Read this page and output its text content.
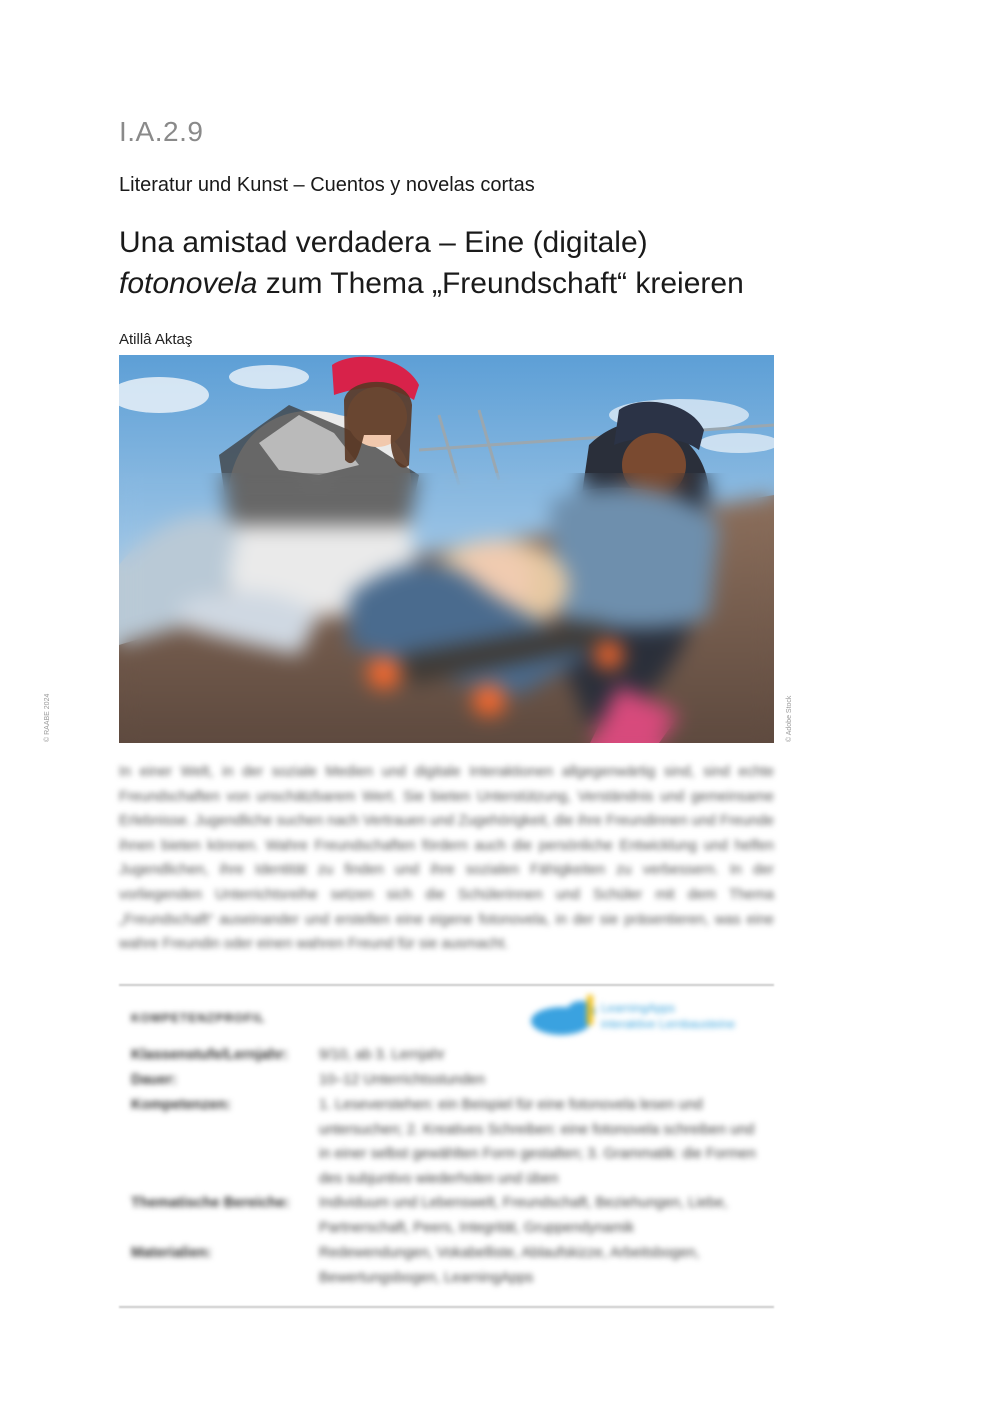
I.A.2.9
Literatur und Kunst – Cuentos y novelas cortas
Una amistad verdadera – Eine (digitale)
fotonovela zum Thema „Freundschaft“ kreieren
Atillâ Aktaş
© RAABE 2024	© Adobe Stock
In einer Welt, in der soziale Medien und digitale Interaktionen allgegenwärtig sind, sind echte Freundschaften von unschätzbarem Wert. Sie bieten Unterstützung, Verständnis und gemeinsame Erlebnisse. Jugendliche suchen nach Vertrauen und Zugehörigkeit, die ihre Freundinnen und Freunde ihnen bieten können. Wahre Freundschaften fördern auch die persönliche Entwicklung und helfen Jugendlichen, ihre Identität zu finden und ihre sozialen Fähigkeiten zu verbessern. In der vorliegenden Unterrichtsreihe setzen sich die Schülerinnen und Schüler mit dem Thema „Freundschaft“ auseinander und erstellen eine eigene fotonovela, in der sie präsentieren, was eine wahre Freundin oder einen wahren Freund für sie ausmacht.
KOMPETENZPROFIL
LearningApps
interaktive Lernbausteine
Klassenstufe/Lernjahr:	9/10, ab 3. Lernjahr
Dauer:	10–12 Unterrichtsstunden
Kompetenzen:	1. Leseverstehen: ein Beispiel für eine fotonovela lesen und untersuchen; 2. Kreatives Schreiben: eine fotonovela schreiben und in einer selbst gewählten Form gestalten; 3. Grammatik: die Formen des subjuntivo wiederholen und üben
Thematische Bereiche:	Individuum und Lebenswelt, Freundschaft, Beziehungen, Liebe, Partnerschaft, Peers, Integrität, Gruppendynamik
Materialien:	Redewendungen, Vokabelliste, Ablaufskizze, Arbeitsbogen, Bewertungsbogen, LearningApps
